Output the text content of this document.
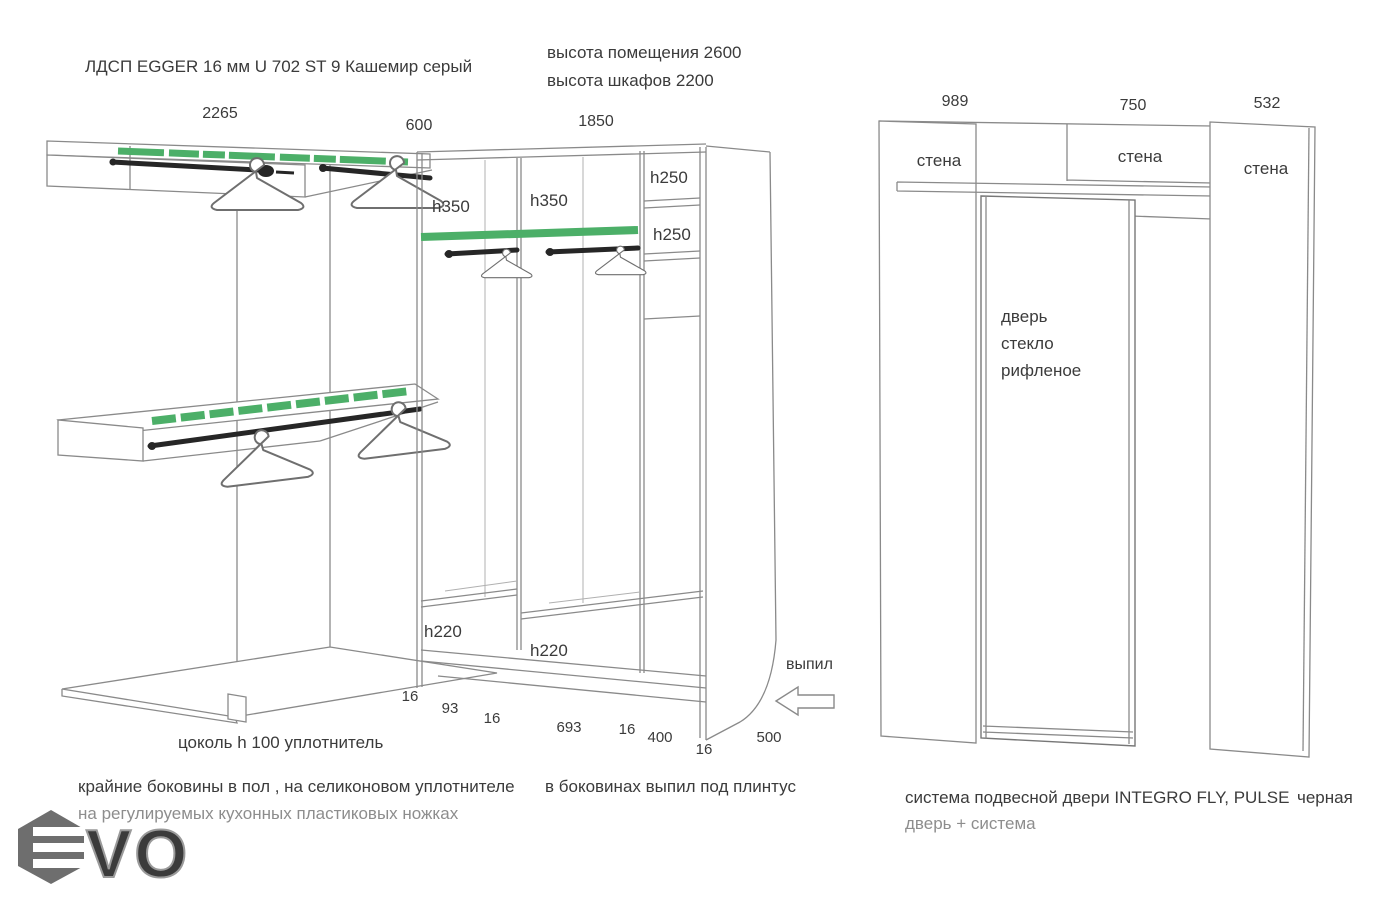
ЛДСП EGGER 16 мм U 702 ST 9 Кашемир серый
высота помещения 2600
высота шкафов 2200
2265
600	1850
h350	h350
h250
h250
h220
h220
16
93
16
693 16 400
16
500
выпил
цоколь h 100 уплотнитель
крайние боковины в пол , на селиконовом уплотнителе в боковинах выпил под плинтус
на регулируемых кухонных пластиковых ножках
989	750	532
дверь
стекло
рифленое
стена	стена
стена
система подвесной двери INTEGRO FLY, PULSE черная
дверь + система
VO
